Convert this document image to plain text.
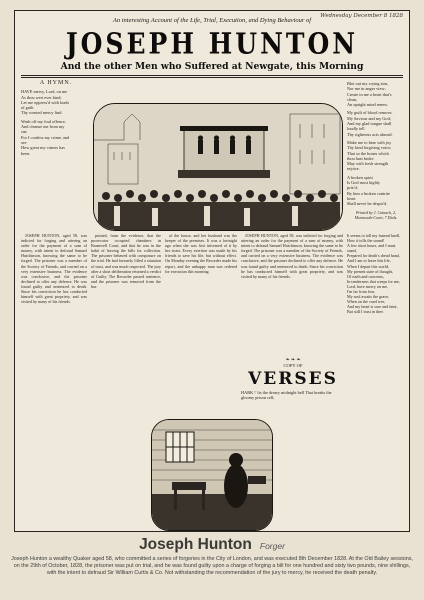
Wednesday December 8 1828
An interesting Account of the Life, Trial, Execution, and Dying Behaviour of
JOSEPH HUNTON
And the other Men who Suffered at Newgate, this Morning
A HYMN.
HAVE mercy, Lord, on me
As thou wert ever kind;
Let me oppress'd with loads
of guilt
Thy wonted mercy find.
Wash off my foul offence,
And cleanse me from my
sin;
For I confess my crime, and
see
How great my crimes has
been.
Blot out my crying sins,
Nor me in anger view;
Create in me a heart that's
clean,
An upright mind renew.
My guilt of blood remove,
My Saviour and my God;
And my glad tongue shall
loudly tell
Thy righteous acts abroad.
Make me to hear with joy
Thy kind forgiving voice;
That so the bones which
thou hast broke
May with fresh strength
rejoice.
A broken spirit
Is God most highly
priz'd;
By him a broken contrite
heart
Shall never be despis'd.
Printed by J. Catnach, 2, Monmouth-Court, 7 Dials.

JOSEPH HUNTON, aged 58, was indicted for forging and uttering an order for the payment of a sum of money, with intent to defraud Samuel Hutchinson, knowing the same to be forged. The prisoner was a member of the Society of Friends, and carried on a very extensive business. The evidence was conclusive, and the prisoner declined to offer any defence. He was found guilty and sentenced to death. Since his conviction he has conducted himself with great propriety, and was visited by many of his friends.

printed, from the evidence, that the prosecutor occupied chambers in Bramwell Court, and that he was in the habit of leaving the bills for collection. The prisoner behaved with composure on the trial. He had formerly filled a situation of trust, and was much respected. The jury after a short deliberation returned a verdict of Guilty. The Recorder passed sentence, and the prisoner was removed from the bar.

of the house, and her husband was the keeper of the premises. It was a fortnight ago when she was first informed of it by her sister. Every exertion was made by his friends to save his life, but without effect. On Monday evening the Recorder made his report, and the unhappy man was ordered for execution this morning.

❧ ❧ ❧
COPY OF
VERSES
HARK ! 'tis the dreary midnight bell That breaks the gloomy prison cell;
It seems to toll my funeral knell,
How it tolls the sound!
A few short hours, and I must stand,
Prepared for death's dread hand,
And I am to leave this life,
When I depart this world,
My present state of thought,
Of earth and concerns,
In tenderness that weeps for me,
Lord, have mercy on me,
I'm far from fear,
My soul awaits the grave,
When on the cruel tree,
And my heart is sore and faint,
But still I trust in thee.

JOSEPH HUNTON, aged 58, was indicted for forging and uttering an order for the payment of a sum of money, with intent to defraud Samuel Hutchinson, knowing the same to be forged. The prisoner was a member of the Society of Friends, and carried on a very extensive business. The evidence was conclusive, and the prisoner declined to offer any defence. He was found guilty and sentenced to death. Since his conviction he has conducted himself with great propriety, and was visited by many of his friends.

Joseph Hunton Forger
Joseph Hunton a wealthy Quaker aged 58, who committed a series of forgeries in the City of London, and was executed 8th December 1828. At the Old Bailey sessions, on the 29th of October, 1828, the prisoner was put on trial, and he was found guilty upon a charge of forging a bill for one hundred and sixty two pounds, nine shillings, with the intent to defraud Sir William Curtis & Co. Not withstanding the recommendation of the jury to mercy, he received the death penalty.
